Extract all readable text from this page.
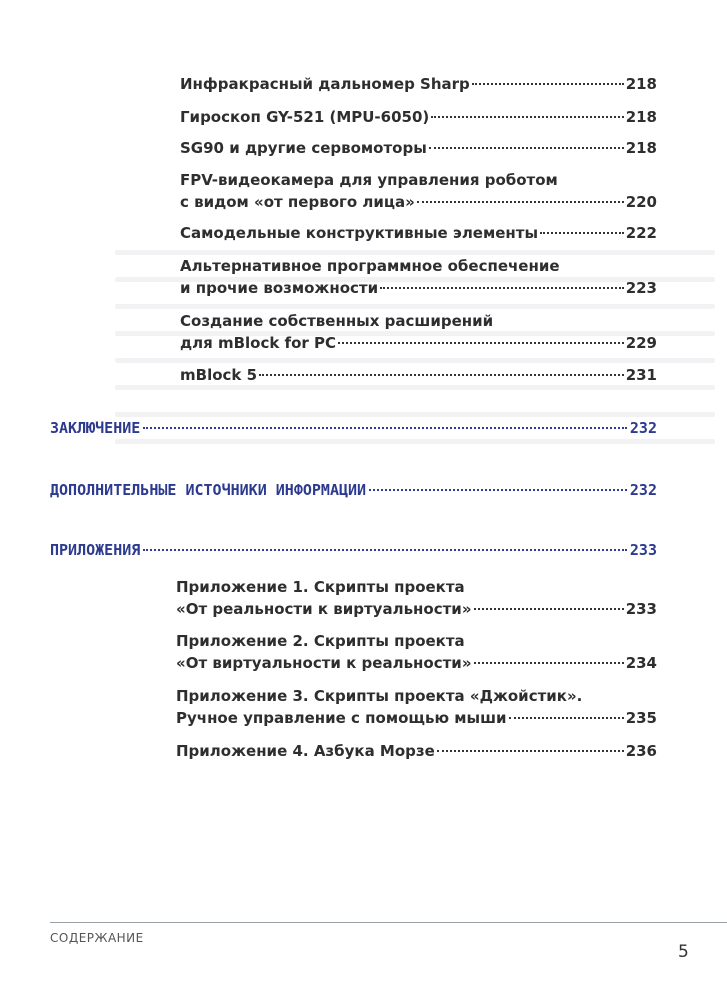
Инфракрасный дальномер Sharp	218
Гироскоп GY-521 (MPU-6050)	218
SG90 и другие сервомоторы	218
FPV-видеокамера для управления роботом
с видом «от первого лица»	220
Самодельные конструктивные элементы	222
Альтернативное программное обеспечение
и прочие возможности	223
Создание собственных расширений
для mBlock for PC	229
mBlock 5	231
ЗАКЛЮЧЕНИЕ	232
ДОПОЛНИТЕЛЬНЫЕ ИСТОЧНИКИ ИНФОРМАЦИИ	232
ПРИЛОЖЕНИЯ	233
Приложение 1. Скрипты проекта
«От реальности к виртуальности»	233
Приложение 2. Скрипты проекта
«От виртуальности к реальности»	234
Приложение 3. Скрипты проекта «Джойстик».
Ручное управление с помощью мыши	235
Приложение 4. Азбука Морзе	236
СОДЕРЖАНИЕ
5
